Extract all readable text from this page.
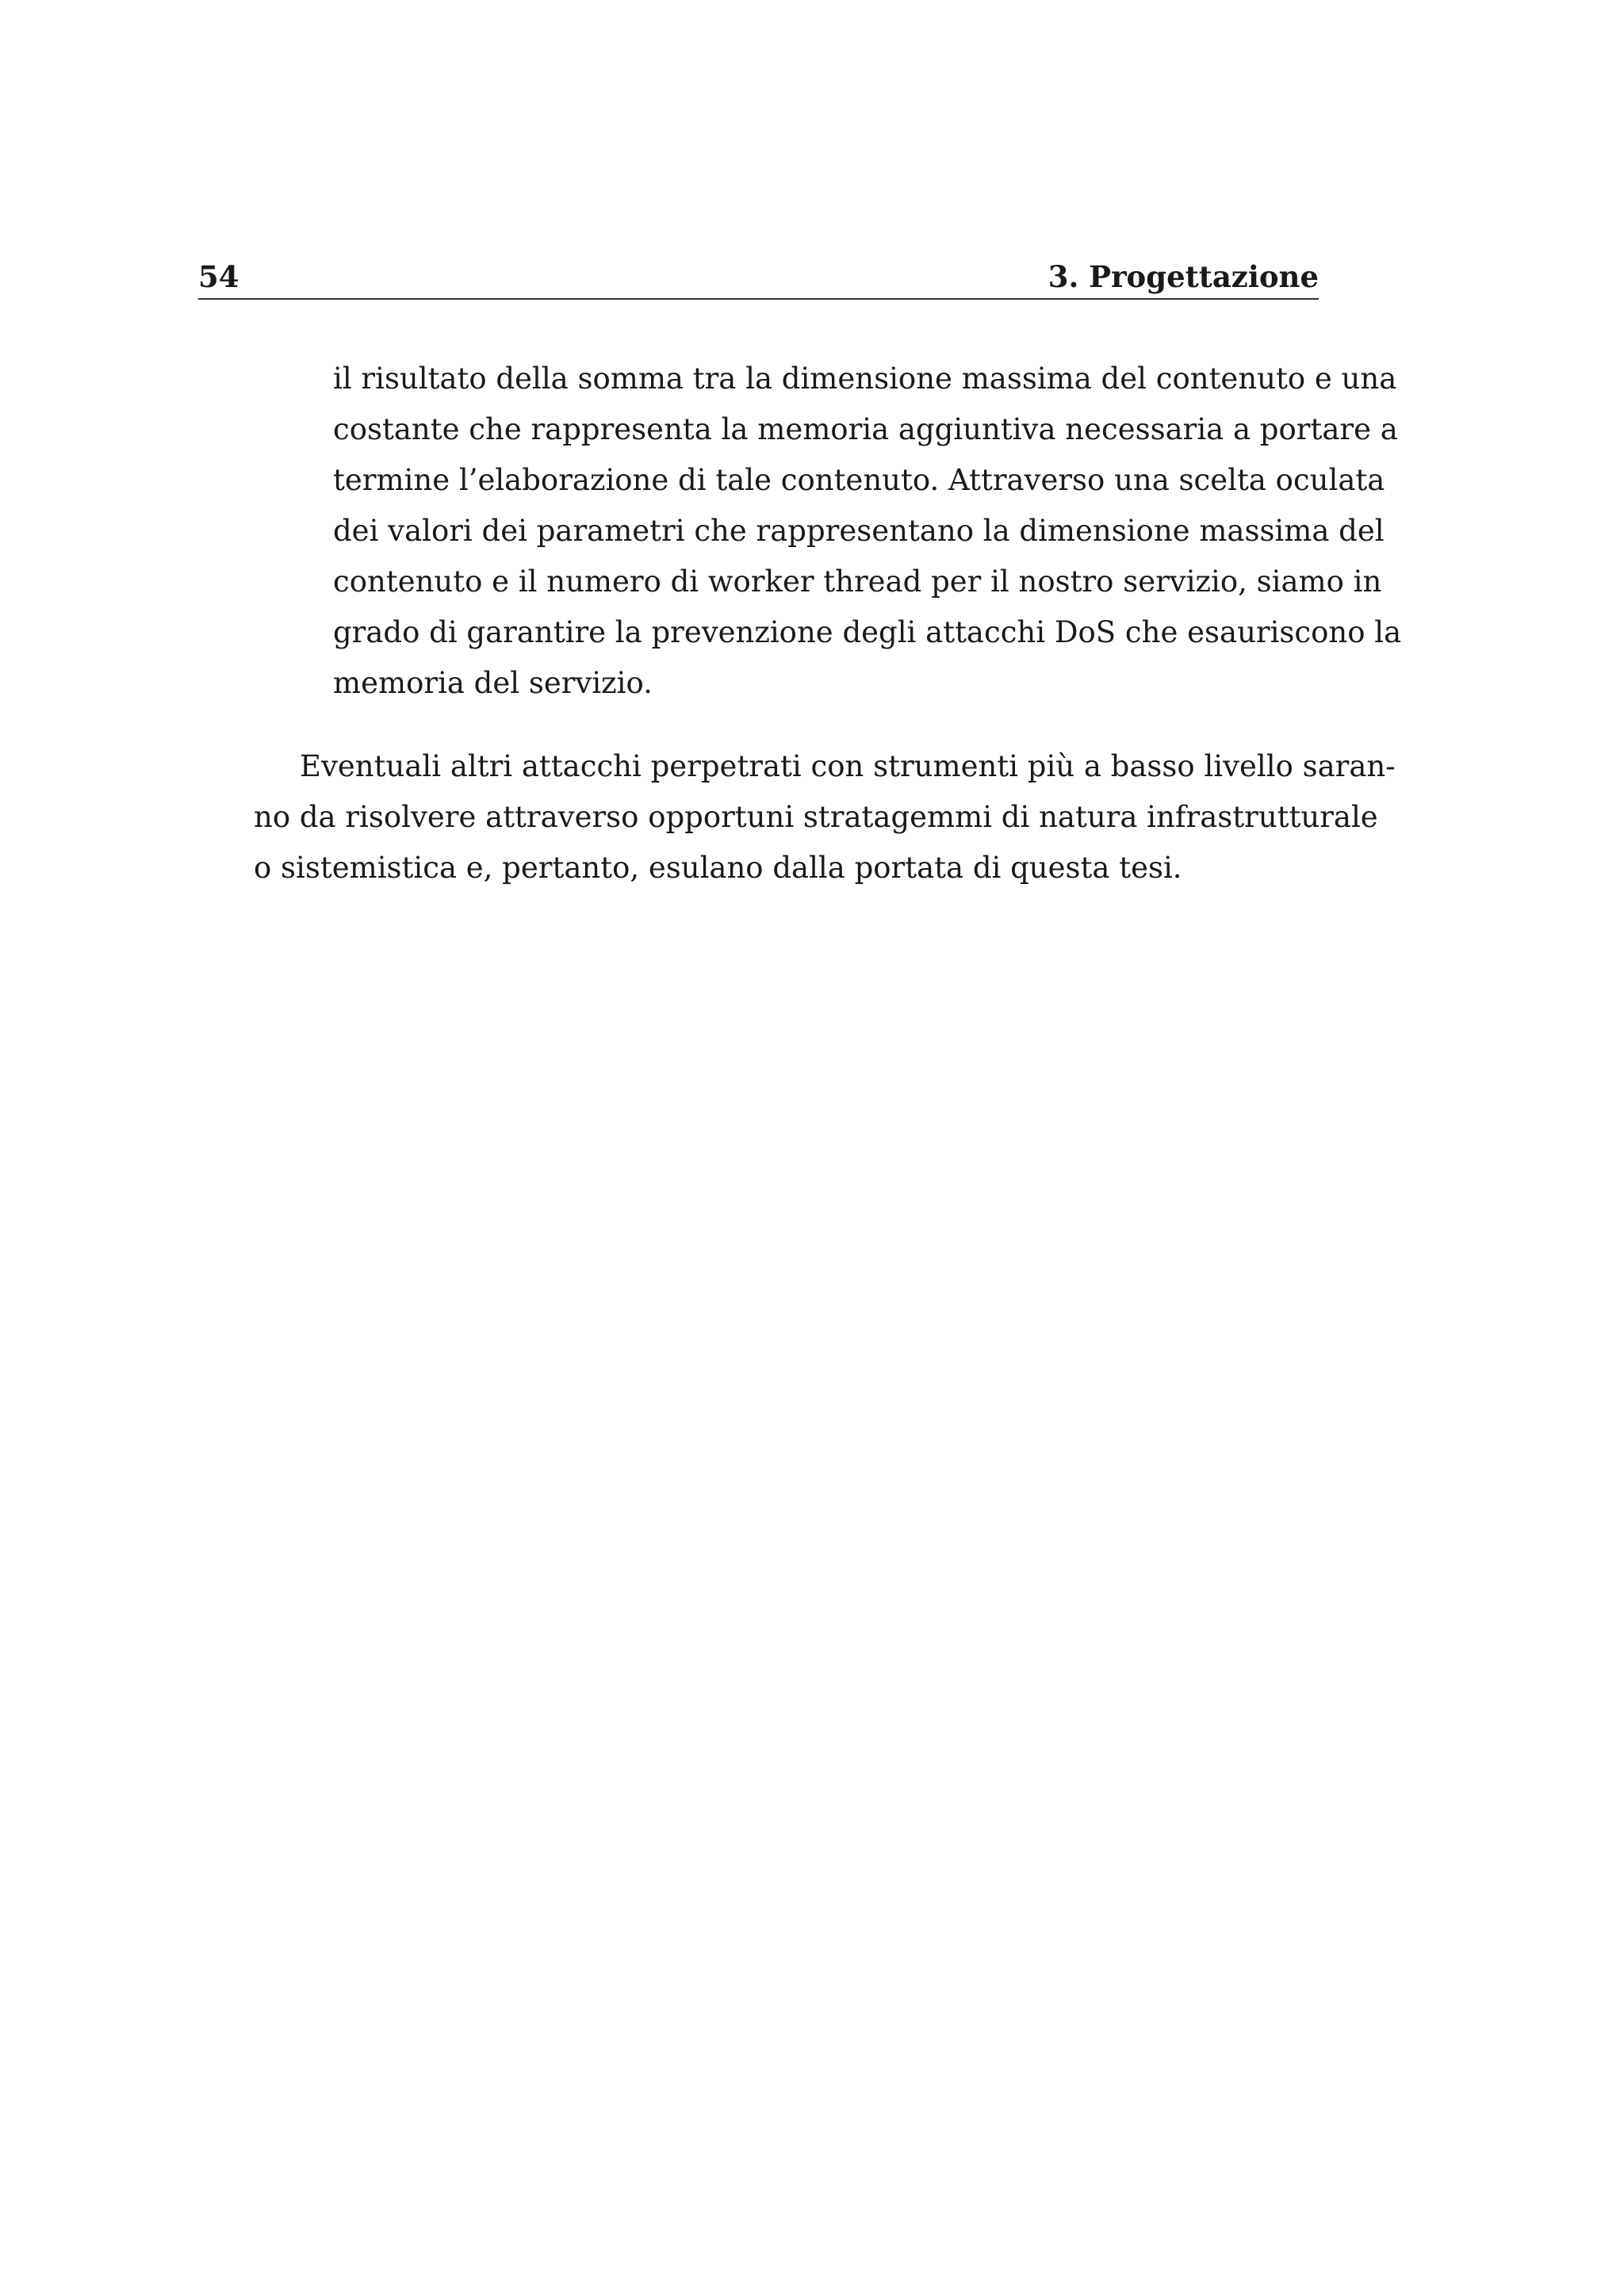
54	3. Progettazione
il risultato della somma tra la dimensione massima del contenuto e una
costante che rappresenta la memoria aggiuntiva necessaria a portare a
termine l’elaborazione di tale contenuto. Attraverso una scelta oculata
dei valori dei parametri che rappresentano la dimensione massima del
contenuto e il numero di worker thread per il nostro servizio, siamo in
grado di garantire la prevenzione degli attacchi DoS che esauriscono la
memoria del servizio.
Eventuali altri attacchi perpetrati con strumenti più a basso livello saran-
no da risolvere attraverso opportuni stratagemmi di natura infrastrutturale
o sistemistica e, pertanto, esulano dalla portata di questa tesi.
